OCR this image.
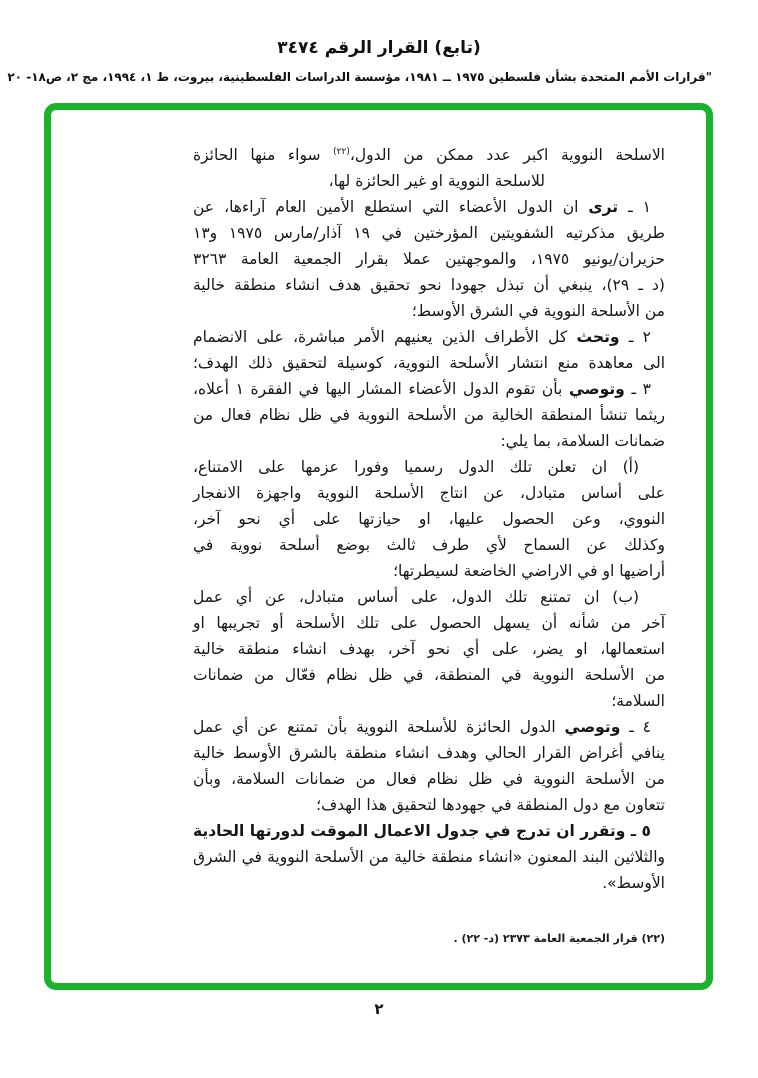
(تابع) القرار الرقم ٣٤٧٤
"قرارات الأمم المتحدة بشأن فلسطين ١٩٧٥ ــ ١٩٨١، مؤسسة الدراسات الفلسطينية، بيروت، ط ١، ١٩٩٤، مج ٢، ص١٨- ٢٠
الاسلحة النووية اكبر عدد ممكن من الدول،$^{(٢٢)}$ سواء منها الحائزة
للاسلحة النووية او غير الحائزة لها،
١ ـ ترى ان الدول الأعضاء التي استطلع الأمين العام آراءها، عن
طريق مذكرتيه الشفويتين المؤرختين في ١٩ آذار/مارس ١٩٧٥ و١٣
حزيران/يونيو ١٩٧٥، والموجهتين عملا بقرار الجمعية العامة ٣٢٦٣
(د ـ ٢٩)، ينبغي أن تبذل جهودا نحو تحقيق هدف انشاء منطقة خالية
من الأسلحة النووية في الشرق الأوسط؛
٢ ـ وتحث كل الأطراف الذين يعنيهم الأمر مباشرة، على الانضمام
الى معاهدة منع انتشار الأسلحة النووية، كوسيلة لتحقيق ذلك الهدف؛
٣ ـ وتوصي بأن تقوم الدول الأعضاء المشار اليها في الفقرة ١ أعلاه،
ريثما تنشأ المنطقة الخالية من الأسلحة النووية في ظل نظام فعال من
ضمانات السلامة، بما يلي:
(أ) ان تعلن تلك الدول رسميا وفورا عزمها على الامتناع،
على أساس متبادل، عن انتاج الأسلحة النووية واجهزة الانفجار
النووي، وعن الحصول عليها، او حيازتها على أي نحو آخر،
وكذلك عن السماح لأي طرف ثالث بوضع أسلحة نووية في
أراضيها او في الاراضي الخاضعة لسيطرتها؛
(ب) ان تمتنع تلك الدول، على أساس متبادل، عن أي عمل
آخر من شأنه أن يسهل الحصول على تلك الأسلحة أو تجريبها او
استعمالها، او يضر، على أي نحو آخر، بهدف انشاء منطقة خالية
من الأسلحة النووية في المنطقة، في ظل نظام فعّال من ضمانات
السلامة؛
٤ ـ وتوصي الدول الحائزة للأسلحة النووية بأن تمتنع عن أي عمل
ينافي أغراض القرار الحالي وهدف انشاء منطقة بالشرق الأوسط خالية
من الأسلحة النووية في ظل نظام فعال من ضمانات السلامة، وبأن
تتعاون مع دول المنطقة في جهودها لتحقيق هذا الهدف؛
٥ ـ وتقرر ان تدرج في جدول الاعمال الموقت لدورتها الحادية
والثلاثين البند المعنون «انشاء منطقة خالية من الأسلحة النووية في الشرق
الأوسط».
(٢٢) قرار الجمعية العامة ٢٣٧٣ (د- ٢٢) .
٢
